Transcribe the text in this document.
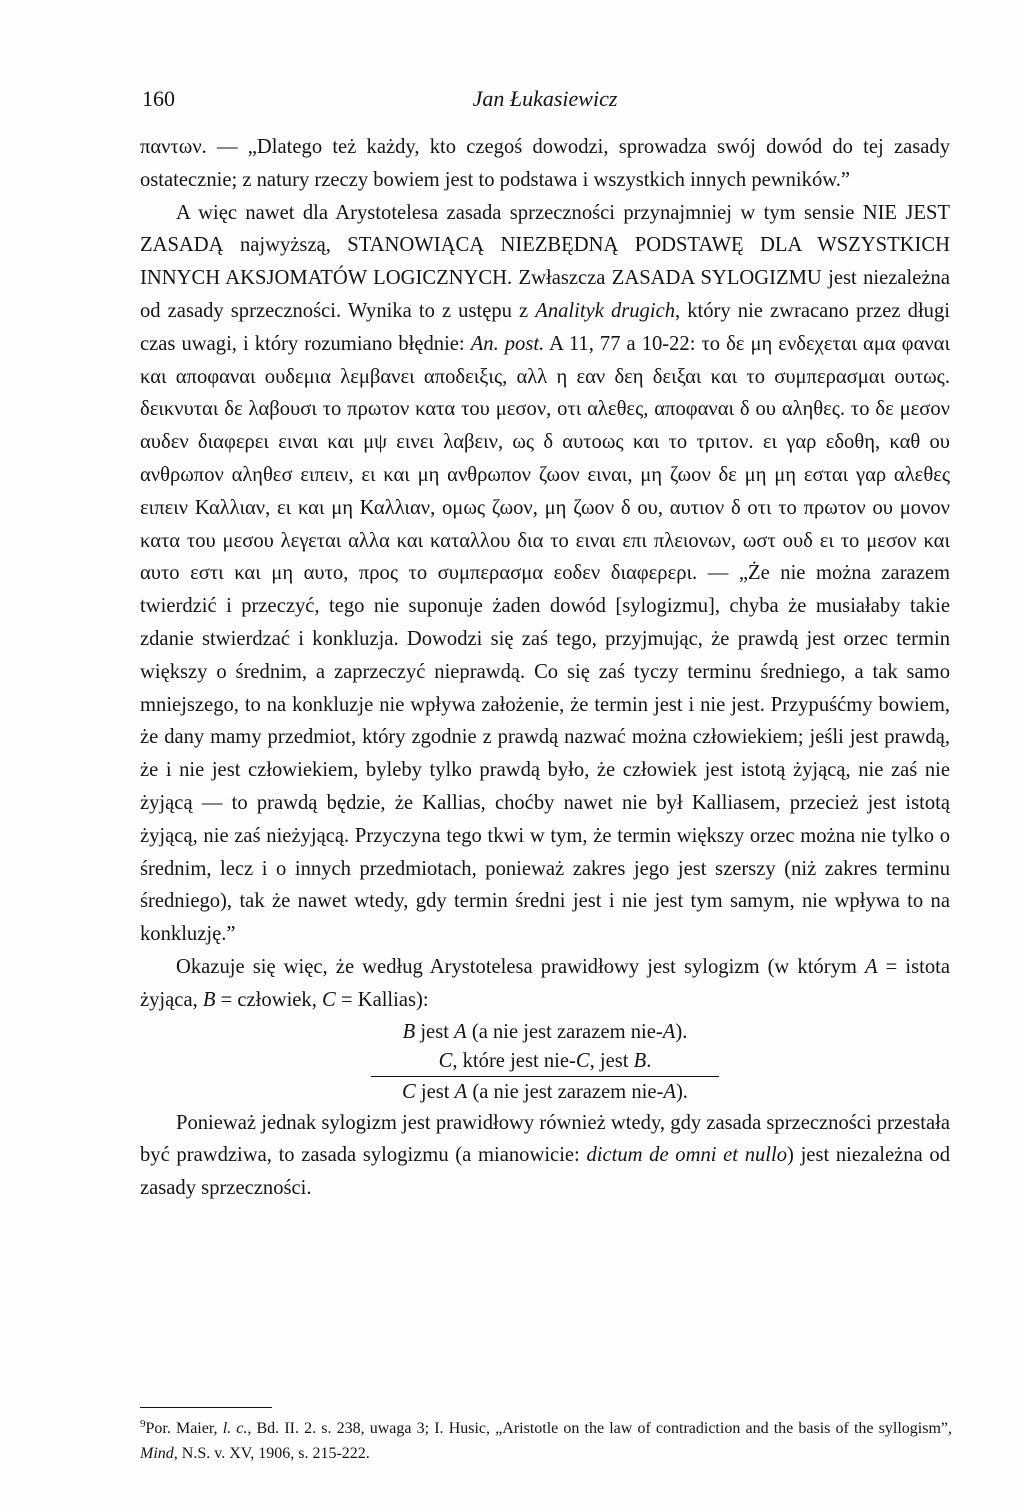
160	Jan Łukasiewicz

παντων. — „Dlatego też każdy, kto czegoś dowodzi, sprowadza swój dowód do tej zasady ostatecznie; z natury rzeczy bowiem jest to podstawa i wszystkich innych pewników.”

A więc nawet dla Arystotelesa zasada sprzeczności przynajmniej w tym sensie NIE JEST ZASADĄ najwyższą, STANOWIĄCĄ NIEZBĘDNĄ PODSTAWĘ DLA WSZYSTKICH INNYCH AKSJOMATÓW LOGICZNYCH. Zwłaszcza ZASADA SYLOGIZMU jest niezależna od zasady sprzeczności. Wynika to z ustępu z Analityk drugich, który nie zwracano przez długi czas uwagi, i który rozumiano błędnie: An. post. A 11, 77 a 10-22: το δε μη ενδεχεται αμα φαναι και αποφαναι ουδεμια λεμβανει αποδειξις, αλλ η εαν δεη δειξαι και το συμπερασμαι ουτως. δεικνυται δε λαβουσι το πρωτον κατα του μεσον, οτι αλεθες, αποφαναι δ ου αληθες. το δε μεσον αυδεν διαφερει ειναι και μψ εινει λαβειν, ως δ αυτοως και το τριτον. ει γαρ εδοθη, καθ ου ανθρωπον αληθεσ ειπειν, ει και μη ανθρωπον ζωον ειναι, μη ζωον δε μη μη εσται γαρ αλεθες ειπειν Καλλιαν, ει και μη Καλλιαν, ομως ζωον, μη ζωον δ ου, αυτιον δ οτι το πρωτον ου μονον κατα του μεσου λεγεται αλλα και καταλλου δια το ειναι επι πλειονων, ωστ ουδ ει το μεσον και αυτο εστι και μη αυτο, προς το συμπερασμα εοδεν διαφερερι. — „Że nie można zarazem twierdzić i przeczyć, tego nie suponuje żaden dowód [sylogizmu], chyba że musiałaby takie zdanie stwierdzać i konkluzja. Dowodzi się zaś tego, przyjmując, że prawdą jest orzec termin większy o średnim, a zaprzeczyć nieprawdą. Co się zaś tyczy terminu średniego, a tak samo mniejszego, to na konkluzje nie wpływa założenie, że termin jest i nie jest. Przypuśćmy bowiem, że dany mamy przedmiot, który zgodnie z prawdą nazwać można człowiekiem; jeśli jest prawdą, że i nie jest człowiekiem, byleby tylko prawdą było, że człowiek jest istotą żyjącą, nie zaś nie żyjącą — to prawdą będzie, że Kallias, choćby nawet nie był Kalliasem, przecież jest istotą żyjącą, nie zaś nieżyjącą. Przyczyna tego tkwi w tym, że termin większy orzec można nie tylko o średnim, lecz i o innych przedmiotach, ponieważ zakres jego jest szerszy (niż zakres terminu średniego), tak że nawet wtedy, gdy termin średni jest i nie jest tym samym, nie wpływa to na konkluzję.”

Okazuje się więc, że według Arystotelesa prawidłowy jest sylogizm (w którym A = istota żyjąca, B = człowiek, C = Kallias):

B jest A (a nie jest zarazem nie-A).
C, które jest nie-C, jest B.
C jest A (a nie jest zarazem nie-A).

Ponieważ jednak sylogizm jest prawidłowy również wtedy, gdy zasada sprzeczności przestała być prawdziwa, to zasada sylogizmu (a mianowicie: dictum de omni et nullo) jest niezależna od zasady sprzeczności.

$^9$Por. Maier, l. c., Bd. II. 2. s. 238, uwaga 3; I. Husic, „Aristotle on the law of contradiction and the basis of the syllogism”, Mind, N.S. v. XV, 1906, s. 215-222.
